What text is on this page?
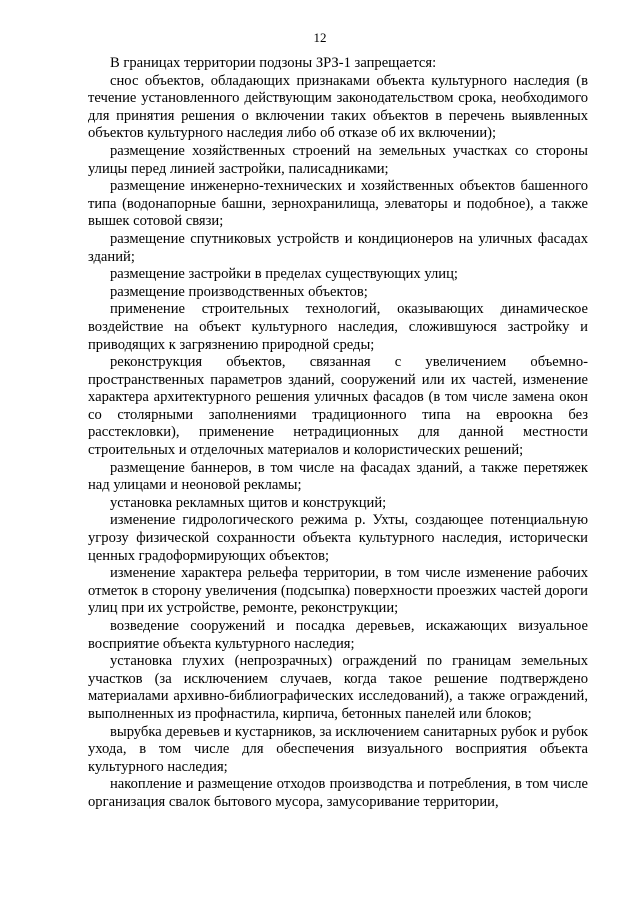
12

В границах территории подзоны ЗРЗ-1 запрещается:

снос объектов, обладающих признаками объекта культурного наследия (в течение установленного действующим законодательством срока, необходимого для принятия решения о включении таких объектов в перечень выявленных объектов культурного наследия либо об отказе об их включении);

размещение хозяйственных строений на земельных участках со стороны улицы перед линией застройки, палисадниками;

размещение инженерно-технических и хозяйственных объектов башенного типа (водонапорные башни, зернохранилища, элеваторы и подобное), а также вышек сотовой связи;

размещение спутниковых устройств и кондиционеров на уличных фасадах зданий;

размещение застройки в пределах существующих улиц;

размещение производственных объектов;

применение строительных технологий, оказывающих динамическое воздействие на объект культурного наследия, сложившуюся застройку и приводящих к загрязнению природной среды;

реконструкция объектов, связанная с увеличением объемно-пространственных параметров зданий, сооружений или их частей, изменение характера архитектурного решения уличных фасадов (в том числе замена окон со столярными заполнениями традиционного типа на евроокна без расстекловки), применение нетрадиционных для данной местности строительных и отделочных материалов и колористических решений;

размещение баннеров, в том числе на фасадах зданий, а также перетяжек над улицами и неоновой рекламы;

установка рекламных щитов и конструкций;

изменение гидрологического режима р. Ухты, создающее потенциальную угрозу физической сохранности объекта культурного наследия, исторически ценных градоформирующих объектов;

изменение характера рельефа территории, в том числе изменение рабочих отметок в сторону увеличения (подсыпка) поверхности проезжих частей дороги улиц при их устройстве, ремонте, реконструкции;

возведение сооружений и посадка деревьев, искажающих визуальное восприятие объекта культурного наследия;

установка глухих (непрозрачных) ограждений по границам земельных участков (за исключением случаев, когда такое решение подтверждено материалами архивно-библиографических исследований), а также ограждений, выполненных из профнастила, кирпича, бетонных панелей или блоков;

вырубка деревьев и кустарников, за исключением санитарных рубок и рубок ухода, в том числе для обеспечения визуального восприятия объекта культурного наследия;

накопление и размещение отходов производства и потребления, в том числе организация свалок бытового мусора, замусоривание территории,
